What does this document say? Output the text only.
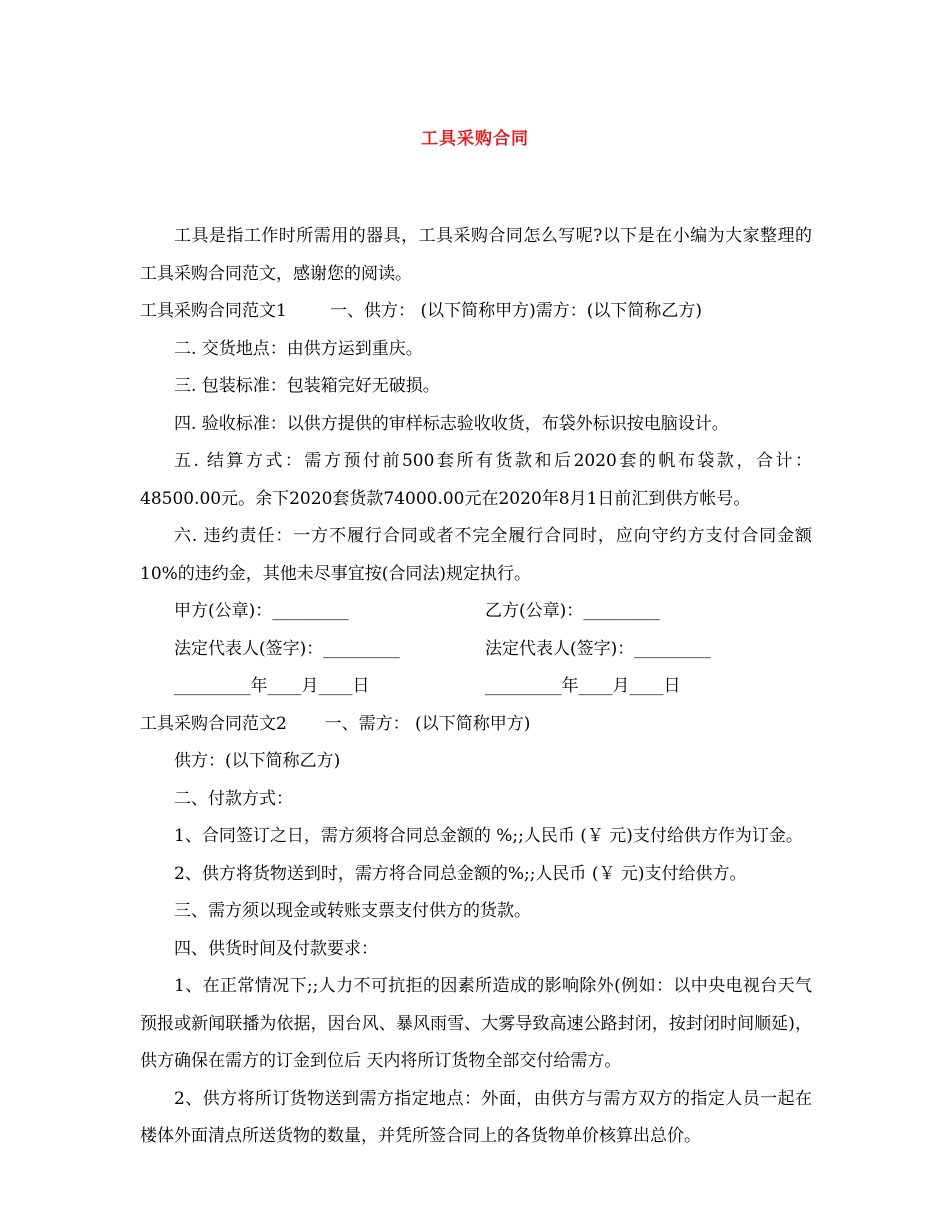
工具采购合同

工具是指工作时所需用的器具，工具采购合同怎么写呢?以下是在小编为大家整理的工具采购合同范文，感谢您的阅读。

工具采购合同范文1	一、供方： (以下简称甲方)需方：(以下简称乙方)

二. 交货地点：由供方运到重庆。

三. 包装标准：包装箱完好无破损。

四. 验收标准：以供方提供的审样标志验收收货，布袋外标识按电脑设计。

五. 结算方式：需方预付前500套所有货款和后2020套的帆布袋款，合计：48500.00元。余下2020套货款74000.00元在2020年8月1日前汇到供方帐号。

六. 违约责任：一方不履行合同或者不完全履行合同时，应向守约方支付合同金额10%的违约金，其他未尽事宜按(合同法)规定执行。

甲方(公章)：_________	乙方(公章)：_________
法定代表人(签字)：_________	法定代表人(签字)：_________
_________年____月____日	_________年____月____日

工具采购合同范文2 一、需方： (以下简称甲方)

供方：(以下简称乙方)

二、付款方式：

1、合同签订之日，需方须将合同总金额的 %;;人民币 (￥ 元)支付给供方作为订金。

2、供方将货物送到时，需方将合同总金额的%;;人民币 (￥ 元)支付给供方。

三、需方须以现金或转账支票支付供方的货款。

四、供货时间及付款要求：

1、在正常情况下;;人力不可抗拒的因素所造成的影响除外(例如：以中央电视台天气预报或新闻联播为依据，因台风、暴风雨雪、大雾导致高速公路封闭，按封闭时间顺延)，供方确保在需方的订金到位后 天内将所订货物全部交付给需方。

2、供方将所订货物送到需方指定地点：外面，由供方与需方双方的指定人员一起在楼体外面清点所送货物的数量，并凭所签合同上的各货物单价核算出总价。
